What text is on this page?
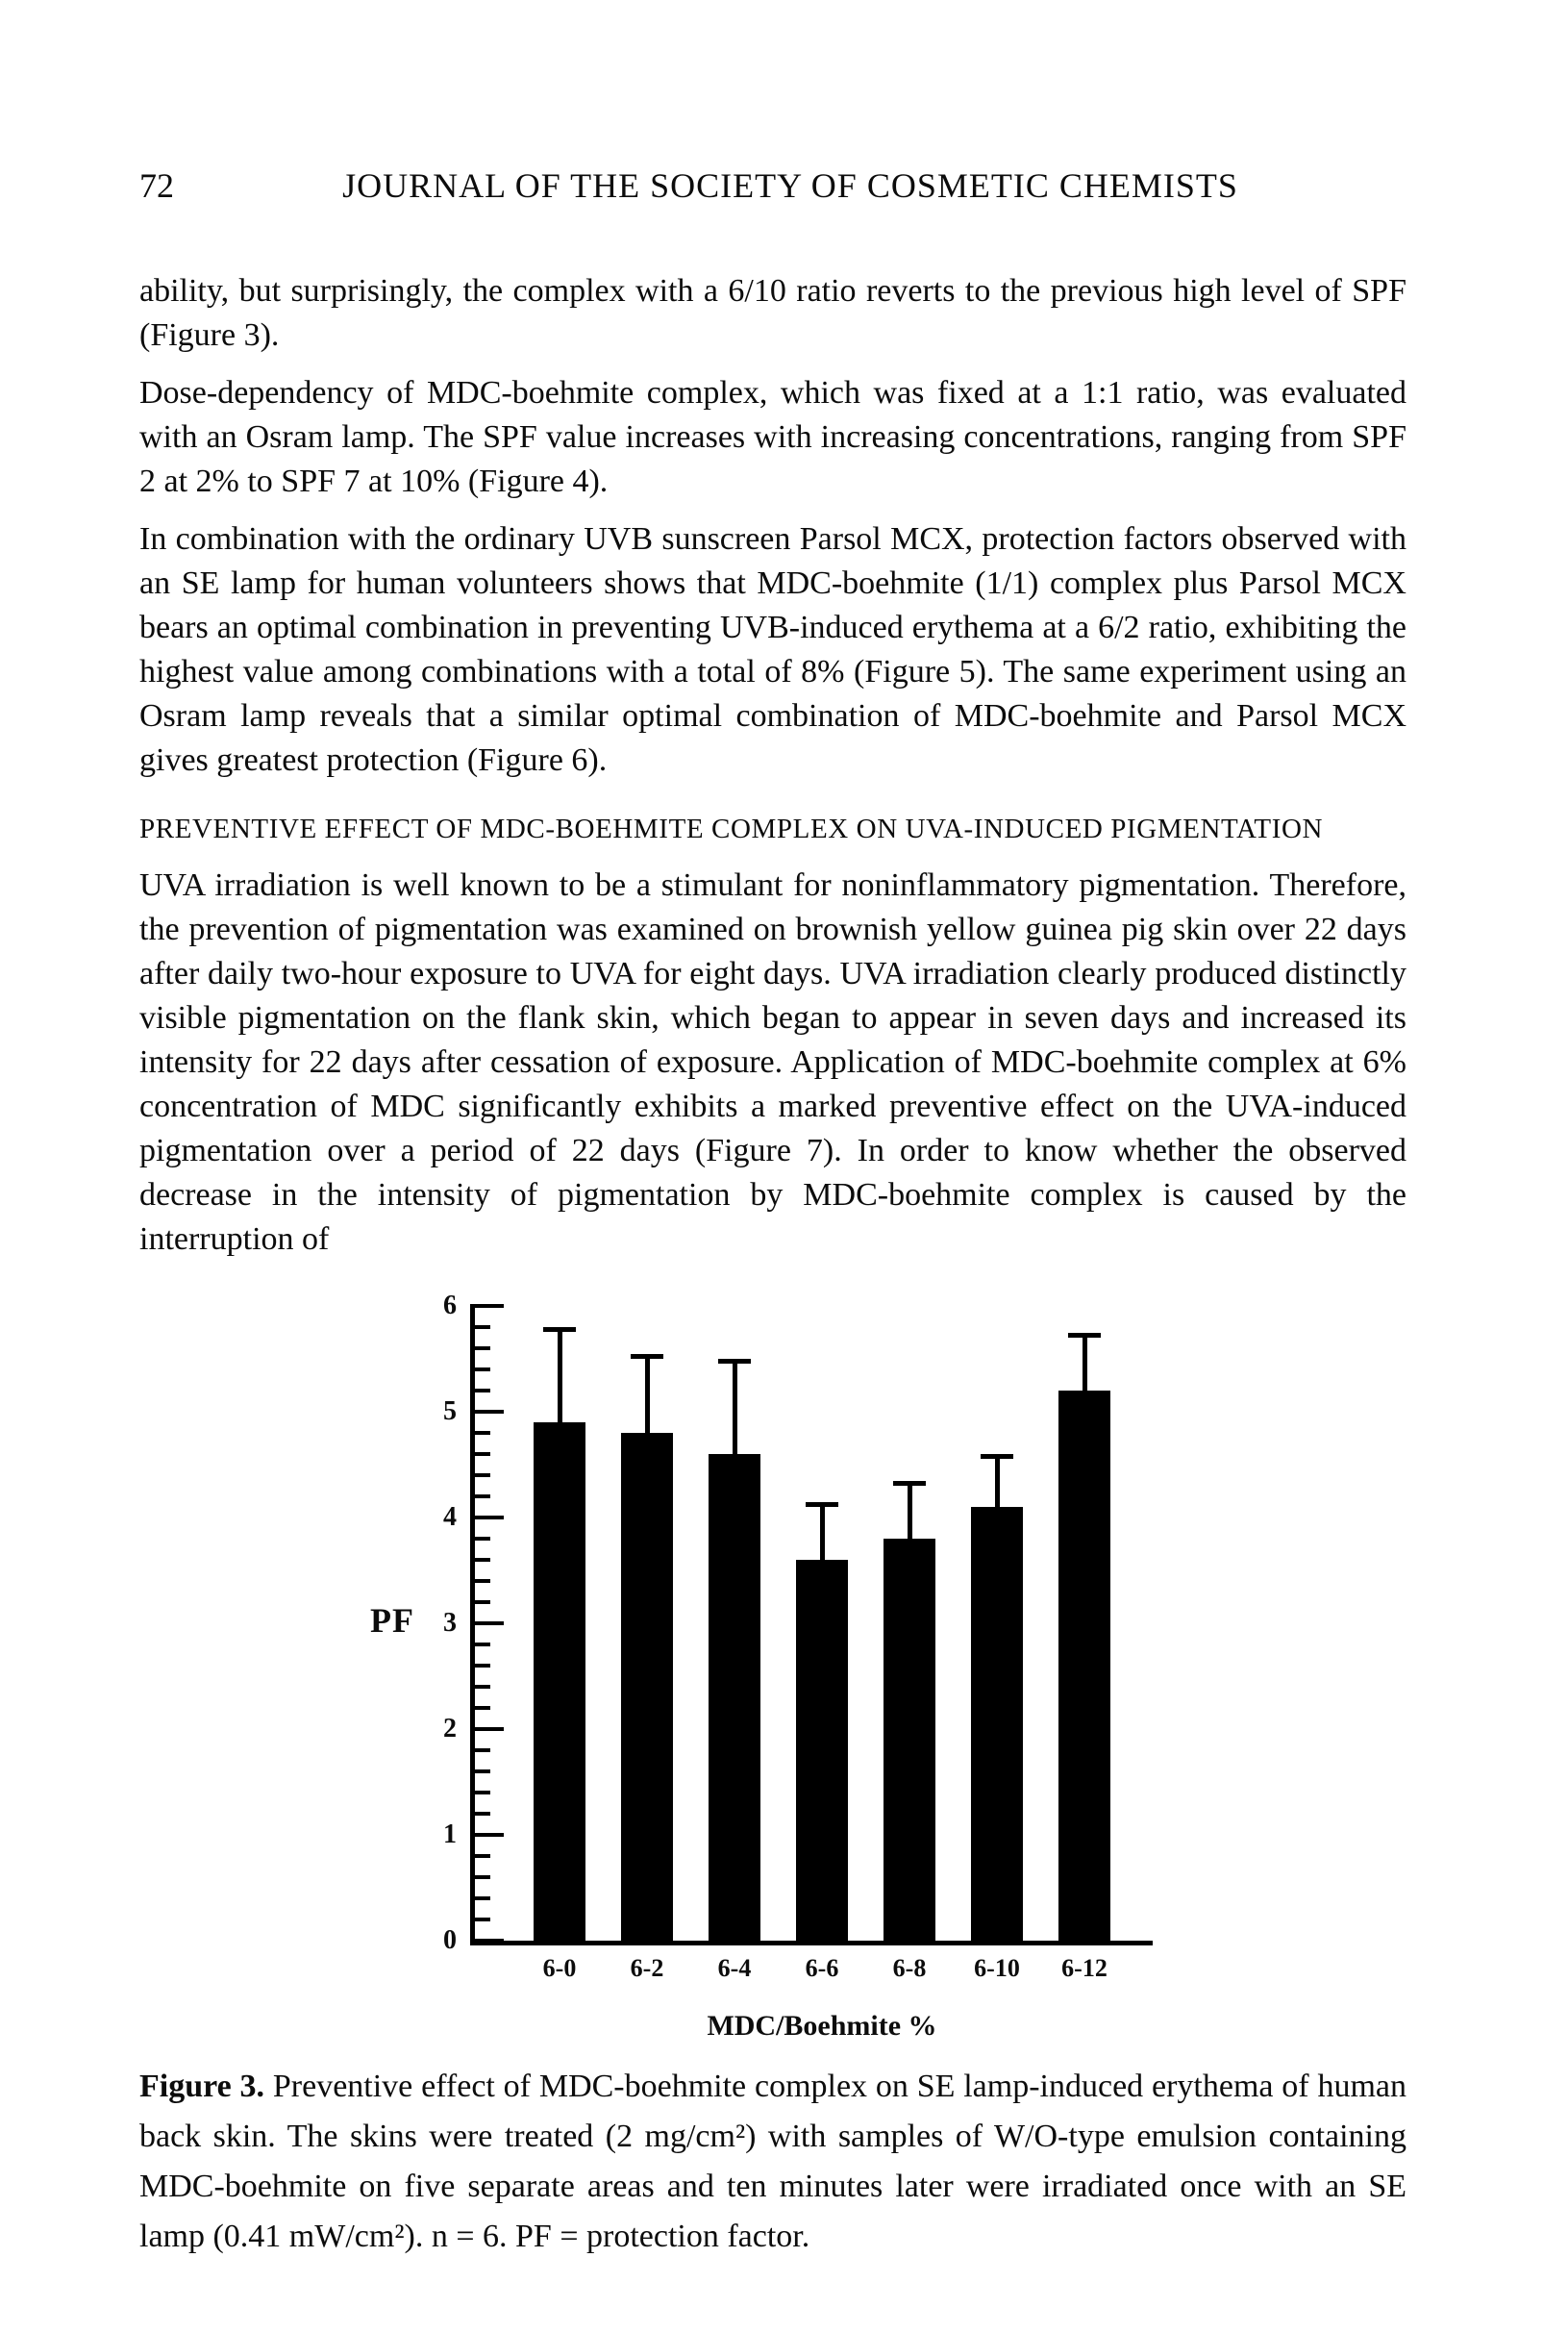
72	JOURNAL OF THE SOCIETY OF COSMETIC CHEMISTS

ability, but surprisingly, the complex with a 6/10 ratio reverts to the previous high level of SPF (Figure 3).

Dose-dependency of MDC-boehmite complex, which was fixed at a 1:1 ratio, was evaluated with an Osram lamp. The SPF value increases with increasing concentrations, ranging from SPF 2 at 2% to SPF 7 at 10% (Figure 4).

In combination with the ordinary UVB sunscreen Parsol MCX, protection factors observed with an SE lamp for human volunteers shows that MDC-boehmite (1/1) complex plus Parsol MCX bears an optimal combination in preventing UVB-induced erythema at a 6/2 ratio, exhibiting the highest value among combinations with a total of 8% (Figure 5). The same experiment using an Osram lamp reveals that a similar optimal combination of MDC-boehmite and Parsol MCX gives greatest protection (Figure 6).

PREVENTIVE EFFECT OF MDC-BOEHMITE COMPLEX ON UVA-INDUCED PIGMENTATION

UVA irradiation is well known to be a stimulant for noninflammatory pigmentation. Therefore, the prevention of pigmentation was examined on brownish yellow guinea pig skin over 22 days after daily two-hour exposure to UVA for eight days. UVA irradiation clearly produced distinctly visible pigmentation on the flank skin, which began to appear in seven days and increased its intensity for 22 days after cessation of exposure. Application of MDC-boehmite complex at 6% concentration of MDC significantly exhibits a marked preventive effect on the UVA-induced pigmentation over a period of 22 days (Figure 7). In order to know whether the observed decrease in the intensity of pigmentation by MDC-boehmite complex is caused by the interruption of

0
1
2
3
4
5
6
PF
6-0	6-2	6-4	6-6	6-8	6-10	6-12
MDC/Boehmite %
Figure 3. Preventive effect of MDC-boehmite complex on SE lamp-induced erythema of human back skin. The skins were treated (2 mg/cm²) with samples of W/O-type emulsion containing MDC-boehmite on five separate areas and ten minutes later were irradiated once with an SE lamp (0.41 mW/cm²). n = 6. PF = protection factor.
